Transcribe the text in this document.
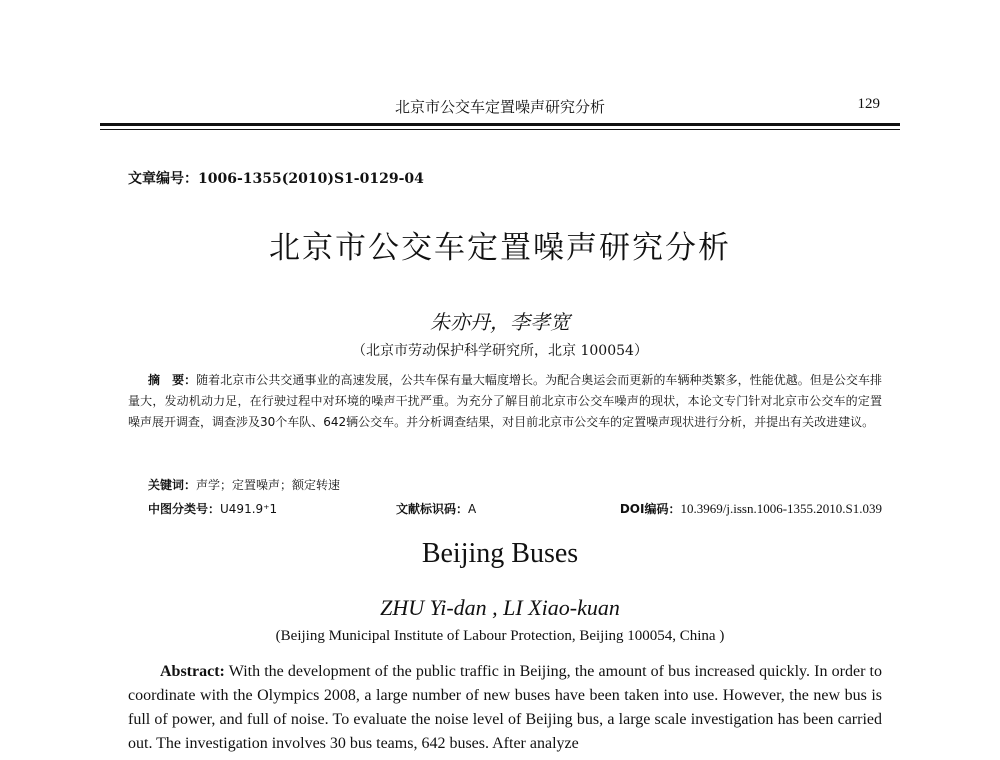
北京市公交车定置噪声研究分析	129
文章编号：1006-1355(2010)S1-0129-04
北京市公交车定置噪声研究分析
朱亦丹，李孝宽
（北京市劳动保护科学研究所，北京 100054）
摘　要：随着北京市公共交通事业的高速发展，公共车保有量大幅度增长。为配合奥运会而更新的车辆种类繁多，性能优越。但是公交车排量大，发动机动力足，在行驶过程中对环境的噪声干扰严重。为充分了解目前北京市公交车噪声的现状，本论文专门针对北京市公交车的定置噪声展开调查，调查涉及30个车队、642辆公交车。并分析调查结果，对目前北京市公交车的定置噪声现状进行分析，并提出有关改进建议。
关键词：声学；定置噪声；额定转速
中图分类号：U491.9⁺1	文献标识码：A	DOI编码：10.3969/j.issn.1006-1355.2010.S1.039
Beijing Buses
ZHU Yi-dan , LI Xiao-kuan
(Beijing Municipal Institute of Labour Protection, Beijing 100054, China )
Abstract: With the development of the public traffic in Beijing, the amount of bus increased quickly. In order to coordinate with the Olympics 2008, a large number of new buses have been taken into use. However, the new bus is full of power, and full of noise. To evaluate the noise level of Beijing bus, a large scale investigation has been carried out. The investigation involves 30 bus teams, 642 buses. After analyze
